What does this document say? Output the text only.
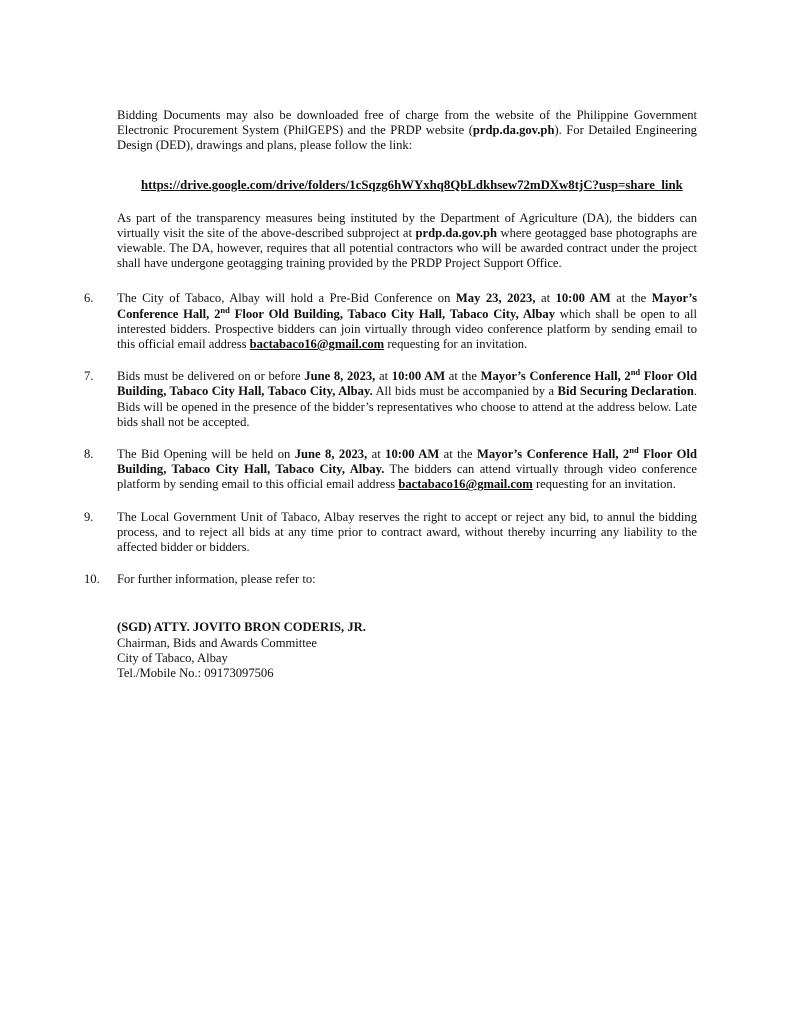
Bidding Documents may also be downloaded free of charge from the website of the Philippine Government Electronic Procurement System (PhilGEPS) and the PRDP website (prdp.da.gov.ph). For Detailed Engineering Design (DED), drawings and plans, please follow the link:

https://drive.google.com/drive/folders/1cSqzg6hWYxhq8QbLdkhsew72mDXw8tjC?usp=share_link

As part of the transparency measures being instituted by the Department of Agriculture (DA), the bidders can virtually visit the site of the above-described subproject at prdp.da.gov.ph where geotagged base photographs are viewable. The DA, however, requires that all potential contractors who will be awarded contract under the project shall have undergone geotagging training provided by the PRDP Project Support Office.

6.	The City of Tabaco, Albay will hold a Pre-Bid Conference on May 23, 2023, at 10:00 AM at the Mayor’s Conference Hall, 2nd Floor Old Building, Tabaco City Hall, Tabaco City, Albay which shall be open to all interested bidders. Prospective bidders can join virtually through video conference platform by sending email to this official email address bactabaco16@gmail.com requesting for an invitation.

7.	Bids must be delivered on or before June 8, 2023, at 10:00 AM at the Mayor’s Conference Hall, 2nd Floor Old Building, Tabaco City Hall, Tabaco City, Albay. All bids must be accompanied by a Bid Securing Declaration. Bids will be opened in the presence of the bidder’s representatives who choose to attend at the address below. Late bids shall not be accepted.

8.	The Bid Opening will be held on June 8, 2023, at 10:00 AM at the Mayor’s Conference Hall, 2nd Floor Old Building, Tabaco City Hall, Tabaco City, Albay. The bidders can attend virtually through video conference platform by sending email to this official email address bactabaco16@gmail.com requesting for an invitation.

9.	The Local Government Unit of Tabaco, Albay reserves the right to accept or reject any bid, to annul the bidding process, and to reject all bids at any time prior to contract award, without thereby incurring any liability to the affected bidder or bidders.

10.	For further information, please refer to:

(SGD) ATTY. JOVITO BRON CODERIS, JR.
Chairman, Bids and Awards Committee
City of Tabaco, Albay
Tel./Mobile No.: 09173097506
